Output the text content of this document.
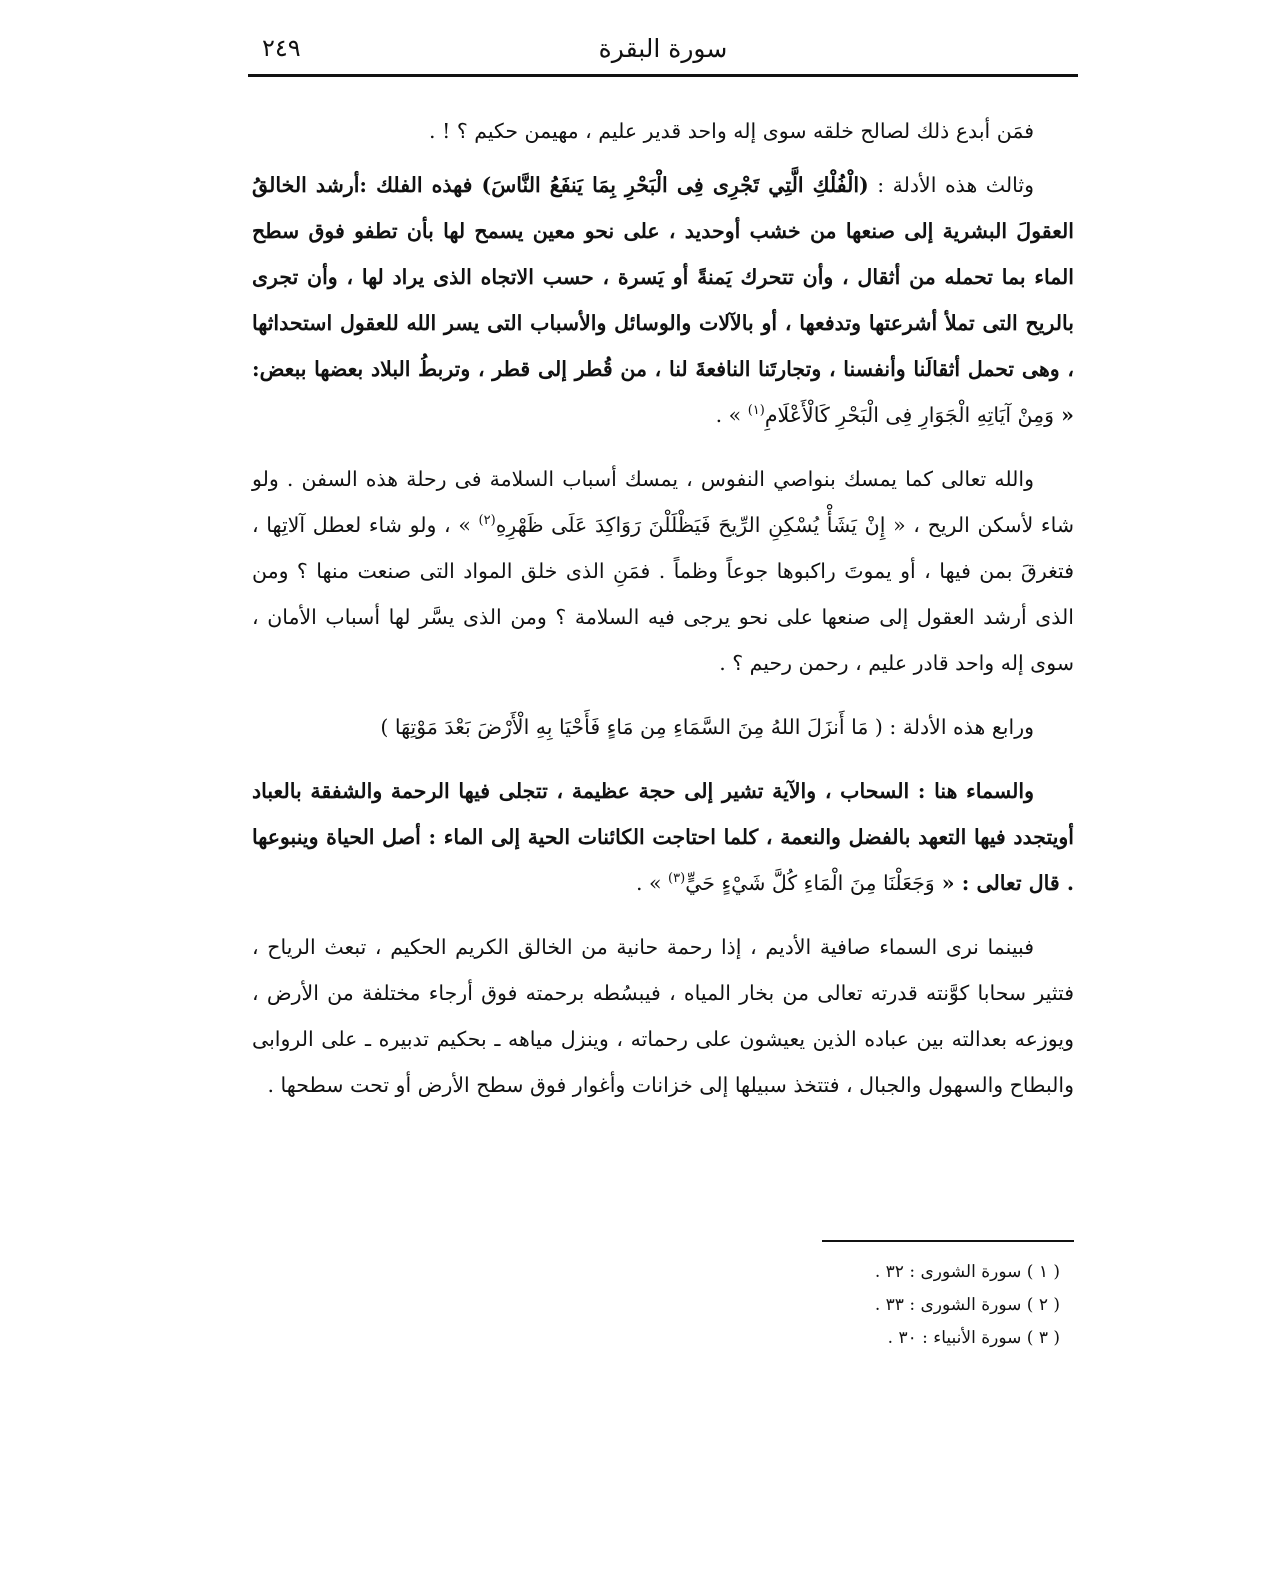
سورة البقرة
٢٤٩

فمَن أبدع ذلك لصالح خلقه سوى إله واحد قدير عليم ، مهيمن حكيم ؟ ! .

وثالث هذه الأدلة : (الْفُلْكِ الَّتِي تَجْرِى فِى الْبَحْرِ بِمَا يَنفَعُ النَّاسَ) فهذه الفلك :أرشد الخالقُ العقولَ البشرية إلى صنعها من خشب أوحديد ، على نحو معين يسمح لها بأن تطفو فوق سطح الماء بما تحمله من أثقال ، وأن تتحرك يَمنةً أو يَسرة ، حسب الاتجاه الذى يراد لها ، وأن تجرى بالريح التى تملأ أشرعتها وتدفعها ، أو بالآلات والوسائل والأسباب التى يسر الله للعقول استحداثها ، وهى تحمل أثقالَنا وأنفسنا ، وتجارتَنا النافعةَ لنا ، من قُطر إلى قطر ، وتربطُ البلاد بعضها ببعض: « وَمِنْ آيَاتِهِ الْجَوَارِ فِى الْبَحْرِ كَالْأَعْلَامِ$^{(١)}$ » .

والله تعالى كما يمسك بنواصي النفوس ، يمسك أسباب السلامة فى رحلة هذه السفن . ولو شاء لأسكن الريح ، « إِنْ يَشَأْ يُسْكِنِ الرِّيحَ فَيَظْلَلْنَ رَوَاكِدَ عَلَى ظَهْرِهِ$^{(٢)}$ » ، ولو شاء لعطل آلاتِها ، فتغرقَ بمن فيها ، أو يموتَ راكبوها جوعاً وظماً . فمَنِ الذى خلق المواد التى صنعت منها ؟ ومن الذى أرشد العقول إلى صنعها على نحو يرجى فيه السلامة ؟ ومن الذى يسَّر لها أسباب الأمان ، سوى إله واحد قادر عليم ، رحمن رحيم ؟ .

ورابع هذه الأدلة : ( مَا أَنزَلَ اللهُ مِنَ السَّمَاءِ مِن مَاءٍ فَأَحْيَا بِهِ الْأَرْضَ بَعْدَ مَوْتِهَا )

والسماء هنا : السحاب ، والآية تشير إلى حجة عظيمة ، تتجلى فيها الرحمة والشفقة بالعباد أويتجدد فيها التعهد بالفضل والنعمة ، كلما احتاجت الكائنات الحية إلى الماء : أصل الحياة وينبوعها . قال تعالى : « وَجَعَلْنَا مِنَ الْمَاءِ كُلَّ شَيْءٍ حَيٍّ$^{(٣)}$ » .

فبينما نرى السماء صافية الأديم ، إذا رحمة حانية من الخالق الكريم الحكيم ، تبعث الرياح ، فتثير سحابا كوَّنته قدرته تعالى من بخار المياه ، فيبسُطه برحمته فوق أرجاء مختلفة من الأرض ، ويوزعه بعدالته بين عباده الذين يعيشون على رحماته ، وينزل مياهه ـ بحكيم تدبيره ـ على الروابى والبطاح والسهول والجبال ، فتتخذ سبيلها إلى خزانات وأغوار فوق سطح الأرض أو تحت سطحها .

( ١ ) سورة الشورى : ٣٢ .
( ٢ ) سورة الشورى : ٣٣ .
( ٣ ) سورة الأنبياء : ٣٠ .
